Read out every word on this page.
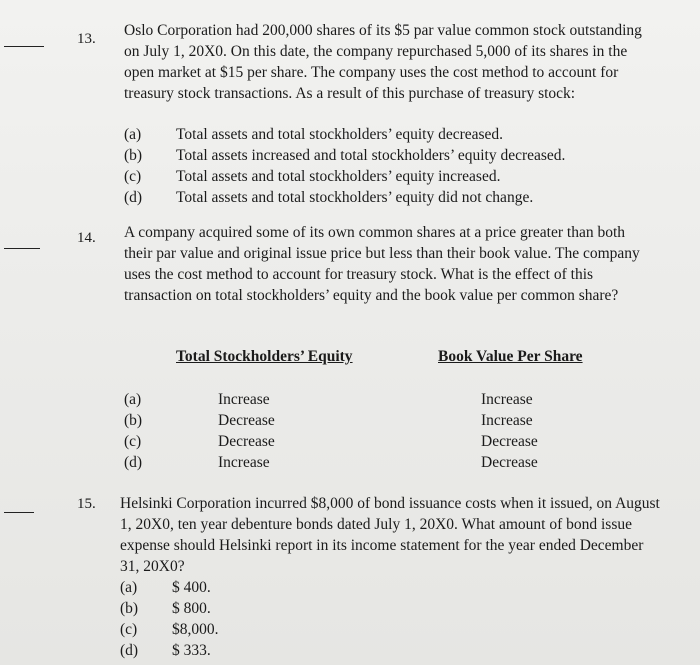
13. Oslo Corporation had 200,000 shares of its $5 par value common stock outstanding on July 1, 20X0. On this date, the company repurchased 5,000 of its shares in the open market at $15 per share. The company uses the cost method to account for treasury stock transactions. As a result of this purchase of treasury stock:
(a) Total assets and total stockholders’ equity decreased.
(b) Total assets increased and total stockholders’ equity decreased.
(c) Total assets and total stockholders’ equity increased.
(d) Total assets and total stockholders’ equity did not change.
14. A company acquired some of its own common shares at a price greater than both their par value and original issue price but less than their book value. The company uses the cost method to account for treasury stock. What is the effect of this transaction on total stockholders’ equity and the book value per common share?
Total Stockholders’ Equity	Book Value Per Share
(a)	Increase	Increase
(b)	Decrease	Increase
(c)	Decrease	Decrease
(d)	Increase	Decrease
15. Helsinki Corporation incurred $8,000 of bond issuance costs when it issued, on August 1, 20X0, ten year debenture bonds dated July 1, 20X0. What amount of bond issue expense should Helsinki report in its income statement for the year ended December 31, 20X0?
(a) $ 400.
(b) $ 800.
(c) $8,000.
(d) $ 333.
